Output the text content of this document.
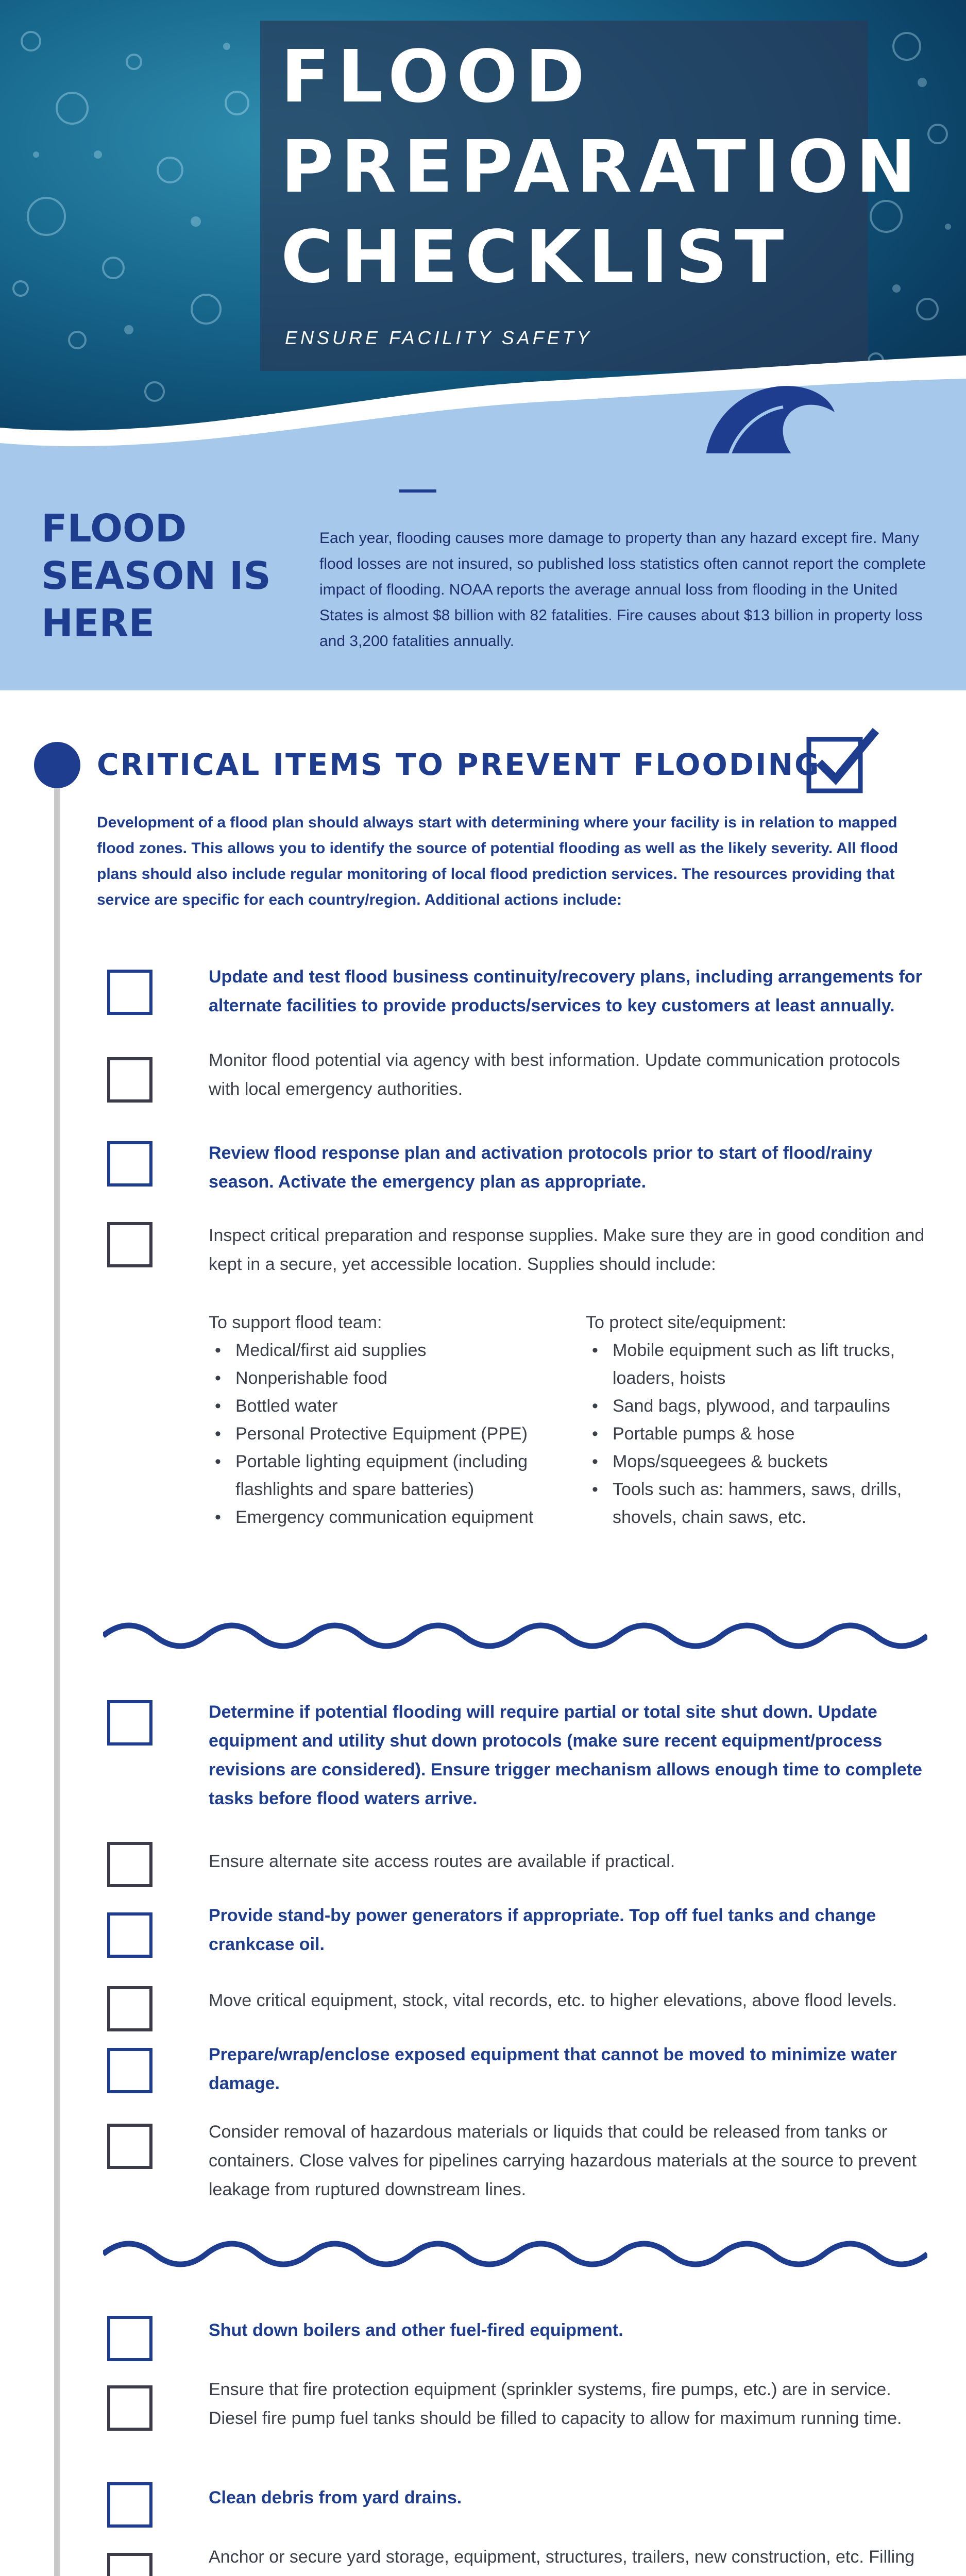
FLOOD
PREPARATION
CHECKLIST
ENSURE FACILITY SAFETY
FLOOD
SEASON IS
HERE
Each year, flooding causes more damage to property than any hazard except fire. Many flood losses are not insured, so published loss statistics often cannot report the complete impact of flooding. NOAA reports the average annual loss from flooding in the United States is almost $8 billion with 82 fatalities. Fire causes about $13 billion in property loss and 3,200 fatalities annually.
CRITICAL ITEMS TO PREVENT FLOODING
Development of a flood plan should always start with determining where your facility is in relation to mapped flood zones. This allows you to identify the source of potential flooding as well as the likely severity. All flood plans should also include regular monitoring of local flood prediction services. The resources providing that service are specific for each country/region. Additional actions include:
Update and test flood business continuity/recovery plans, including arrangements for alternate facilities to provide products/services to key customers at least annually.
Monitor flood potential via agency with best information. Update communication protocols with local emergency authorities.
Review flood response plan and activation protocols prior to start of flood/rainy season. Activate the emergency plan as appropriate.
Inspect critical preparation and response supplies. Make sure they are in good condition and kept in a secure, yet accessible location. Supplies should include:
To support flood team:
• Medical/first aid supplies
• Nonperishable food
• Bottled water
• Personal Protective Equipment (PPE)
• Portable lighting equipment (including flashlights and spare batteries)
• Emergency communication equipment
To protect site/equipment:
• Mobile equipment such as lift trucks, loaders, hoists
• Sand bags, plywood, and tarpaulins
• Portable pumps & hose
• Mops/squeegees & buckets
• Tools such as: hammers, saws, drills, shovels, chain saws, etc.
Determine if potential flooding will require partial or total site shut down. Update equipment and utility shut down protocols (make sure recent equipment/process revisions are considered). Ensure trigger mechanism allows enough time to complete tasks before flood waters arrive.
Ensure alternate site access routes are available if practical.
Provide stand-by power generators if appropriate. Top off fuel tanks and change crankcase oil.
Move critical equipment, stock, vital records, etc. to higher elevations, above flood levels.
Prepare/wrap/enclose exposed equipment that cannot be moved to minimize water damage.
Consider removal of hazardous materials or liquids that could be released from tanks or containers. Close valves for pipelines carrying hazardous materials at the source to prevent leakage from ruptured downstream lines.
Shut down boilers and other fuel-fired equipment.
Ensure that fire protection equipment (sprinkler systems, fire pumps, etc.) are in service. Diesel fire pump fuel tanks should be filled to capacity to allow for maximum running time.
Clean debris from yard drains.
Anchor or secure yard storage, equipment, structures, trailers, new construction, etc. Filling
